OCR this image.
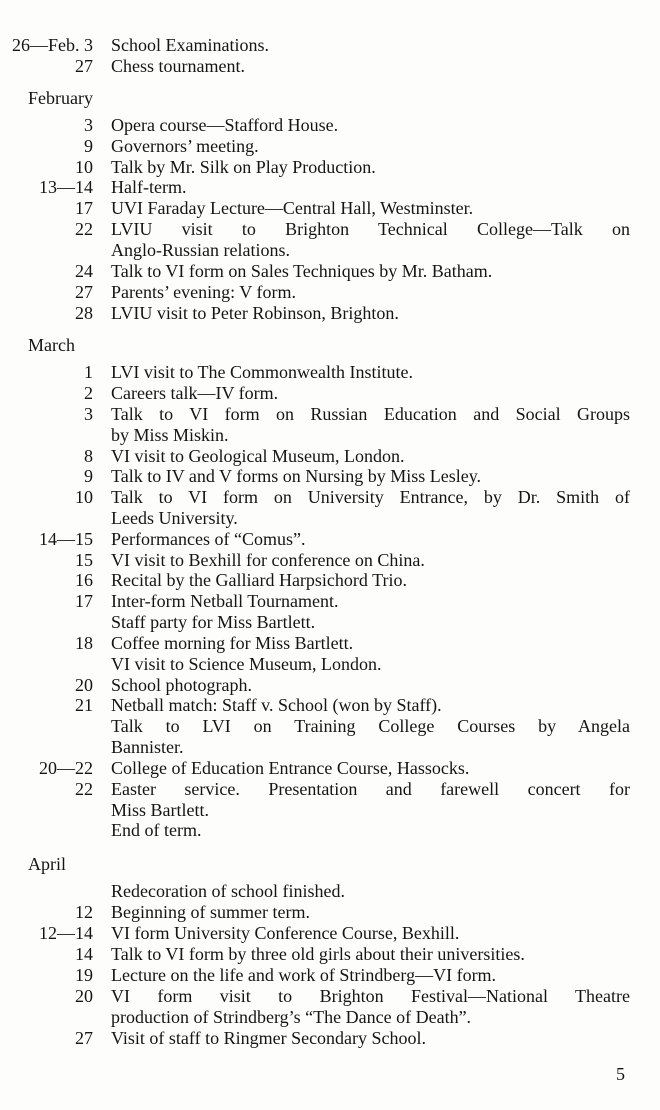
26—Feb. 3 School Examinations.
27 Chess tournament.
February
3 Opera course—Stafford House.
9 Governors’ meeting.
10 Talk by Mr. Silk on Play Production.
13—14 Half-term.
17 UVI Faraday Lecture—Central Hall, Westminster.
22 LVIU visit to Brighton Technical College—Talk on
Anglo-Russian relations.
24 Talk to VI form on Sales Techniques by Mr. Batham.
27 Parents’ evening: V form.
28 LVIU visit to Peter Robinson, Brighton.
March
1 LVI visit to The Commonwealth Institute.
2 Careers talk—IV form.
3 Talk to VI form on Russian Education and Social Groups
by Miss Miskin.
8 VI visit to Geological Museum, London.
9 Talk to IV and V forms on Nursing by Miss Lesley.
10 Talk to VI form on University Entrance, by Dr. Smith of
Leeds University.
14—15 Performances of “Comus”.
15 VI visit to Bexhill for conference on China.
16 Recital by the Galliard Harpsichord Trio.
17 Inter-form Netball Tournament.
Staff party for Miss Bartlett.
18 Coffee morning for Miss Bartlett.
VI visit to Science Museum, London.
20 School photograph.
21 Netball match: Staff v. School (won by Staff).
Talk to LVI on Training College Courses by Angela
Bannister.
20—22 College of Education Entrance Course, Hassocks.
22 Easter service. Presentation and farewell concert for
Miss Bartlett.
End of term.
April
Redecoration of school finished.
12 Beginning of summer term.
12—14 VI form University Conference Course, Bexhill.
14 Talk to VI form by three old girls about their universities.
19 Lecture on the life and work of Strindberg—VI form.
20 VI form visit to Brighton Festival—National Theatre
production of Strindberg’s “The Dance of Death”.
27 Visit of staff to Ringmer Secondary School.
5
